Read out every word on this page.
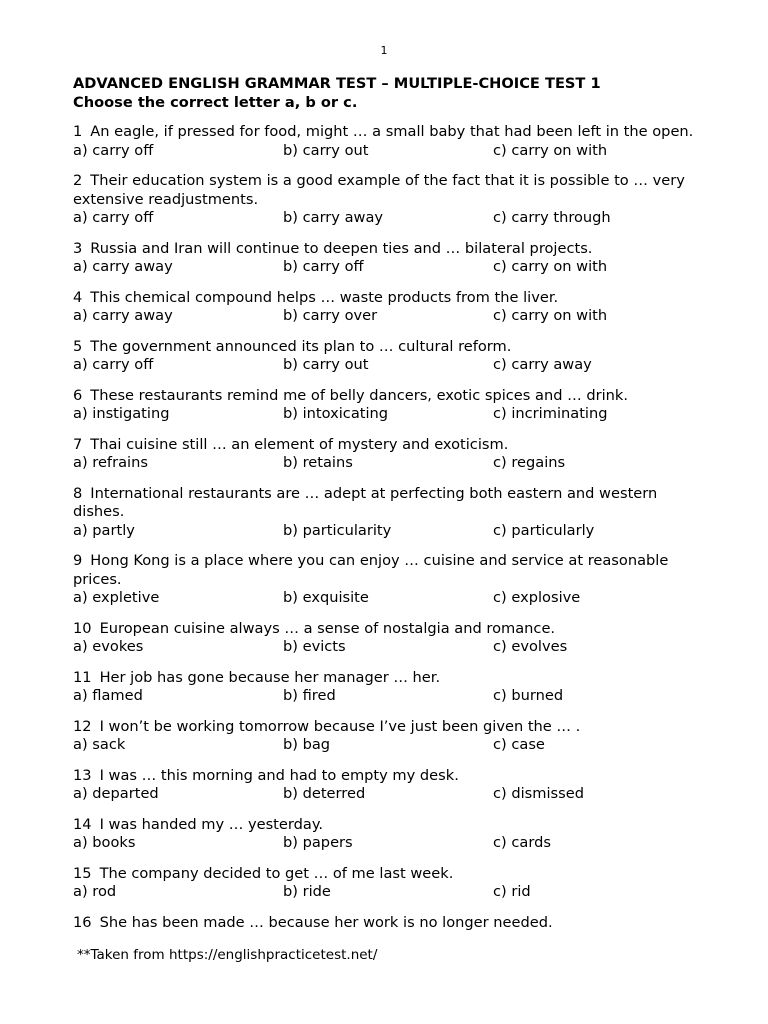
1
ADVANCED ENGLISH GRAMMAR TEST – MULTIPLE-CHOICE TEST 1
Choose the correct letter a, b or c.
1 An eagle, if pressed for food, might … a small baby that had been left in the open.
a) carry off	b) carry out	c) carry on with
2 Their education system is a good example of the fact that it is possible to … very extensive readjustments.
a) carry off	b) carry away	c) carry through
3 Russia and Iran will continue to deepen ties and … bilateral projects.
a) carry away	b) carry off	c) carry on with
4 This chemical compound helps … waste products from the liver.
a) carry away	b) carry over	c) carry on with
5 The government announced its plan to … cultural reform.
a) carry off	b) carry out	c) carry away
6 These restaurants remind me of belly dancers, exotic spices and … drink.
a) instigating	b) intoxicating	c) incriminating
7 Thai cuisine still … an element of mystery and exoticism.
a) refrains	b) retains	c) regains
8 International restaurants are … adept at perfecting both eastern and western dishes.
a) partly	b) particularity	c) particularly
9 Hong Kong is a place where you can enjoy … cuisine and service at reasonable prices.
a) expletive	b) exquisite	c) explosive
10 European cuisine always … a sense of nostalgia and romance.
a) evokes	b) evicts	c) evolves
11 Her job has gone because her manager … her.
a) flamed	b) fired	c) burned
12 I won’t be working tomorrow because I’ve just been given the … .
a) sack	b) bag	c) case
13 I was … this morning and had to empty my desk.
a) departed	b) deterred	c) dismissed
14 I was handed my … yesterday.
a) books	b) papers	c) cards
15 The company decided to get … of me last week.
a) rod	b) ride	c) rid
16 She has been made … because her work is no longer needed.
**Taken from https://englishpracticetest.net/
